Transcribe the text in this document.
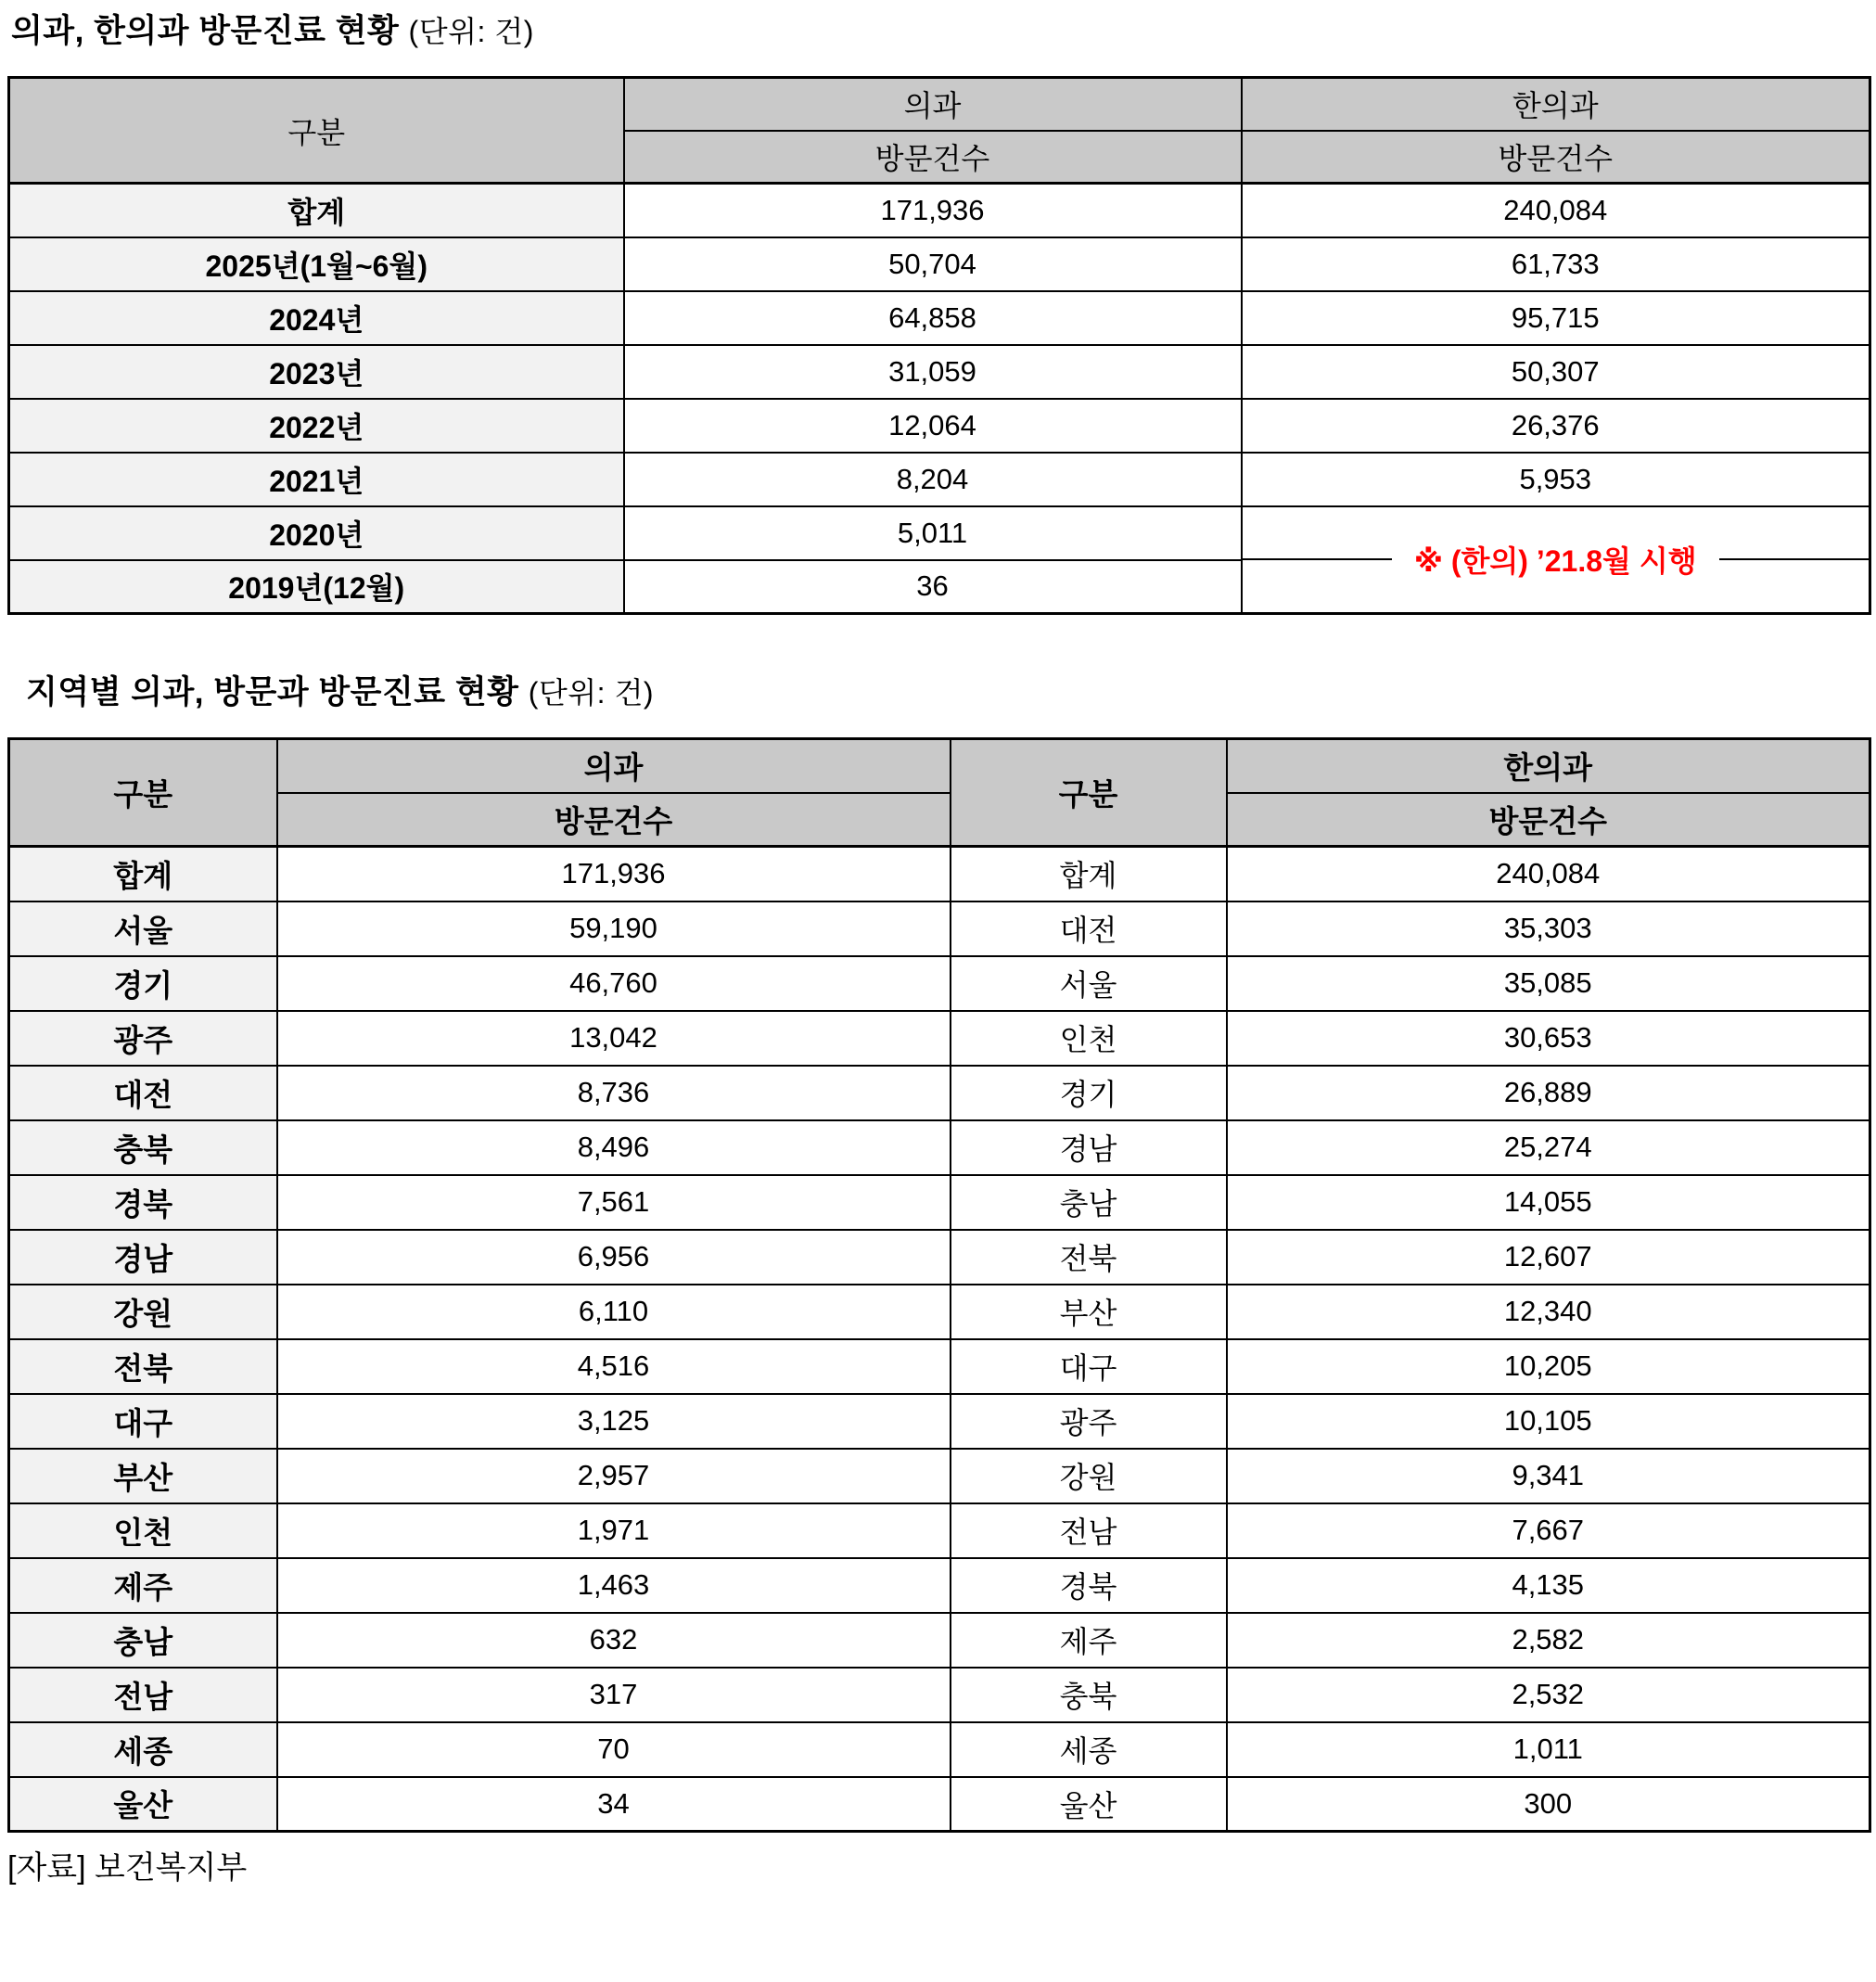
의과, 한의과 방문진료 현황 (단위: 건)
구분	의과	한의과
	방문건수	방문건수
합계	171,936	240,084
2025년(1월~6월)	50,704	61,733
2024년	64,858	95,715
2023년	31,059	50,307
2022년	12,064	26,376
2021년	8,204	5,953
2020년	5,011	※ (한의) ’21.8월 시행
2019년(12월)	36	
지역별 의과, 방문과 방문진료 현황 (단위: 건)
구분	의과	구분	한의과
	방문건수		방문건수
합계	171,936	합계	240,084
서울	59,190	대전	35,303
경기	46,760	서울	35,085
광주	13,042	인천	30,653
대전	8,736	경기	26,889
충북	8,496	경남	25,274
경북	7,561	충남	14,055
경남	6,956	전북	12,607
강원	6,110	부산	12,340
전북	4,516	대구	10,205
대구	3,125	광주	10,105
부산	2,957	강원	9,341
인천	1,971	전남	7,667
제주	1,463	경북	4,135
충남	632	제주	2,582
전남	317	충북	2,532
세종	70	세종	1,011
울산	34	울산	300

[자료] 보건복지부
